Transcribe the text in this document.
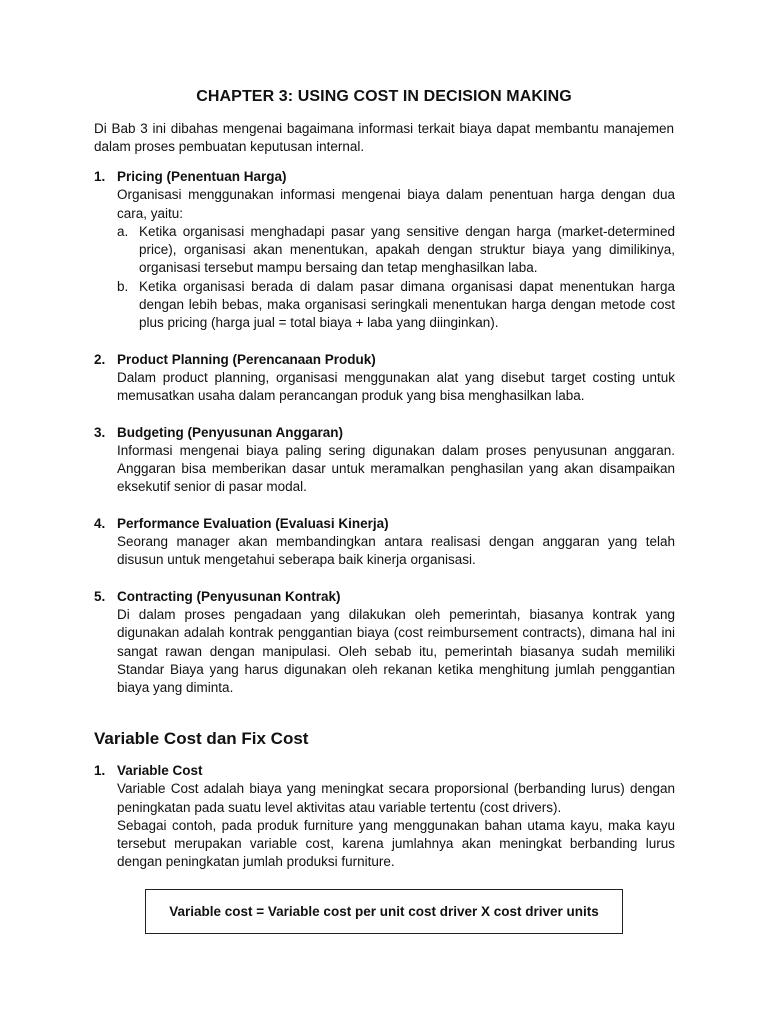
CHAPTER 3: USING COST IN DECISION MAKING

Di Bab 3 ini dibahas mengenai bagaimana informasi terkait biaya dapat membantu manajemen dalam proses pembuatan keputusan internal.

1. Pricing (Penentuan Harga)
Organisasi menggunakan informasi mengenai biaya dalam penentuan harga dengan dua cara, yaitu:
a. Ketika organisasi menghadapi pasar yang sensitive dengan harga (market-determined price), organisasi akan menentukan, apakah dengan struktur biaya yang dimilikinya, organisasi tersebut mampu bersaing dan tetap menghasilkan laba.
b. Ketika organisasi berada di dalam pasar dimana organisasi dapat menentukan harga dengan lebih bebas, maka organisasi seringkali menentukan harga dengan metode cost plus pricing (harga jual = total biaya + laba yang diinginkan).
2. Product Planning (Perencanaan Produk)
Dalam product planning, organisasi menggunakan alat yang disebut target costing untuk memusatkan usaha dalam perancangan produk yang bisa menghasilkan laba.
3. Budgeting (Penyusunan Anggaran)
Informasi mengenai biaya paling sering digunakan dalam proses penyusunan anggaran. Anggaran bisa memberikan dasar untuk meramalkan penghasilan yang akan disampaikan eksekutif senior di pasar modal.
4. Performance Evaluation (Evaluasi Kinerja)
Seorang manager akan membandingkan antara realisasi dengan anggaran yang telah disusun untuk mengetahui seberapa baik kinerja organisasi.
5. Contracting (Penyusunan Kontrak)
Di dalam proses pengadaan yang dilakukan oleh pemerintah, biasanya kontrak yang digunakan adalah kontrak penggantian biaya (cost reimbursement contracts), dimana hal ini sangat rawan dengan manipulasi. Oleh sebab itu, pemerintah biasanya sudah memiliki Standar Biaya yang harus digunakan oleh rekanan ketika menghitung jumlah penggantian biaya yang diminta.
Variable Cost dan Fix Cost
1. Variable Cost
Variable Cost adalah biaya yang meningkat secara proporsional (berbanding lurus) dengan peningkatan pada suatu level aktivitas atau variable tertentu (cost drivers).
Sebagai contoh, pada produk furniture yang menggunakan bahan utama kayu, maka kayu tersebut merupakan variable cost, karena jumlahnya akan meningkat berbanding lurus dengan peningkatan jumlah produksi furniture.
Variable cost = Variable cost per unit cost driver X cost driver units
